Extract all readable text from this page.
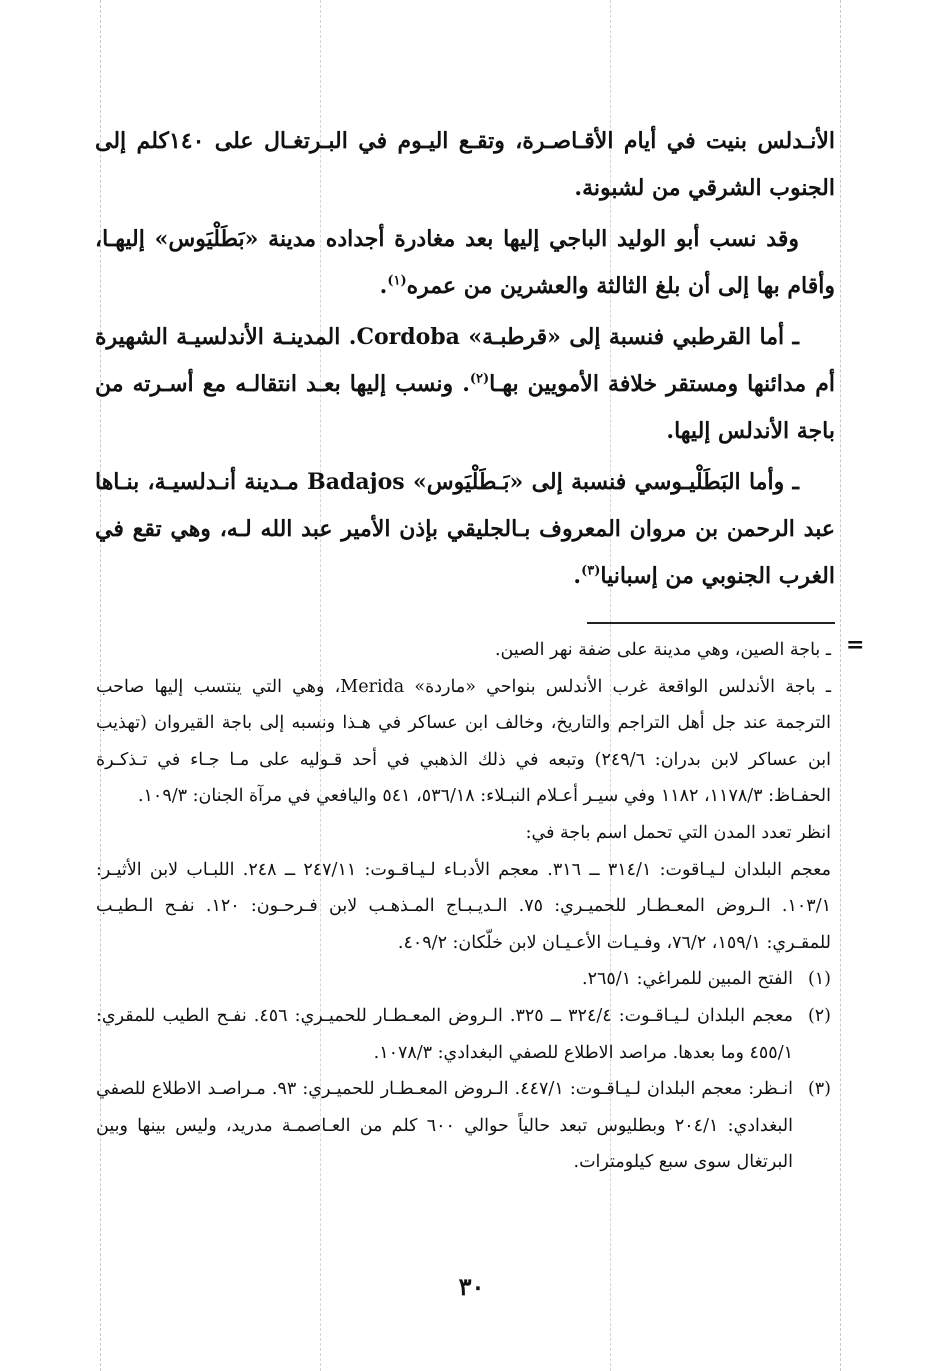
الأنـدلس بنيت في أيام الأقـاصـرة، وتقـع اليـوم في البـرتغـال على ١٤٠كلم إلى الجنوب الشرقي من لشبونة.

وقد نسب أبو الوليد الباجي إليها بعد مغادرة أجداده مدينة «بَطَلْيَوس» إليهـا، وأقام بها إلى أن بلغ الثالثة والعشرين من عمره$^{(١)}$.

ـ أما القرطبي فنسبة إلى «قرطبـة» Cordoba. المدينـة الأندلسيـة الشهيرة أم مدائنها ومستقر خلافة الأمويين بهـا$^{(٢)}$. ونسب إليها بعـد انتقالـه مع أسـرته من باجة الأندلس إليها.

ـ وأما البَطَلْيـوسي فنسبة إلى «بَـطَلْيَوس» Badajos مـدينة أنـدلسيـة، بنـاها عبد الرحمن بن مروان المعروف بـالجليقي بإذن الأمير عبد الله لـه، وهي تقع في الغرب الجنوبي من إسبانيا$^{(٣)}$.

=

ـ باجة الصين، وهي مدينة على ضفة نهر الصين.

ـ باجة الأندلس الواقعة غرب الأندلس بنواحي «ماردة» Merida، وهي التي ينتسب إليها صاحب الترجمة عند جل أهل التراجم والتاريخ، وخالف ابن عساكر في هـذا ونسبه إلى باجة القيروان (تهذيب ابن عساكر لابن بدران: ٢٤٩/٦) وتبعه في ذلك الذهبي في أحد قـوليه على مـا جـاء في تـذكـرة الحفـاظ: ١١٧٨/٣، ١١٨٢ وفي سيـر أعـلام النبـلاء: ٥٣٦/١٨، ٥٤١ واليافعي في مرآة الجنان: ١٠٩/٣.

انظر تعدد المدن التي تحمل اسم باجة في:

معجم البلدان لـيـاقوت: ٣١٤/١ ــ ٣١٦. معجم الأدبـاء لـيـاقـوت: ٢٤٧/١١ ــ ٢٤٨. اللبـاب لابن الأثيـر: ١٠٣/١. الـروض المعـطـار للحميـري: ٧٥. الـديـبـاج المـذهـب لابن فـرحـون: ١٢٠. نفـح الـطيـب للمقـري: ١٥٩/١، ٧٦/٢، وفـيـات الأعـيـان لابن خلّكان: ٤٠٩/٢.

(١)
الفتح المبين للمراغي: ٢٦٥/١.
(٢)
معجم البلدان لـيـاقـوت: ٣٢٤/٤ ــ ٣٢٥. الـروض المعـطـار للحميـري: ٤٥٦. نفـح الطيب للمقري: ٤٥٥/١ وما بعدها. مراصد الاطلاع للصفي البغدادي: ١٠٧٨/٣.
(٣)
انـظر: معجم البلدان لـيـاقـوت: ٤٤٧/١. الـروض المعـطـار للحميـري: ٩٣. مـراصـد الاطلاع للصفي البغدادي: ٢٠٤/١ وبطليوس تبعد حالياً حوالي ٦٠٠ كلم من العـاصمـة مدريد، وليس بينها وبين البرتغال سوى سبع كيلومترات.
٣٠
